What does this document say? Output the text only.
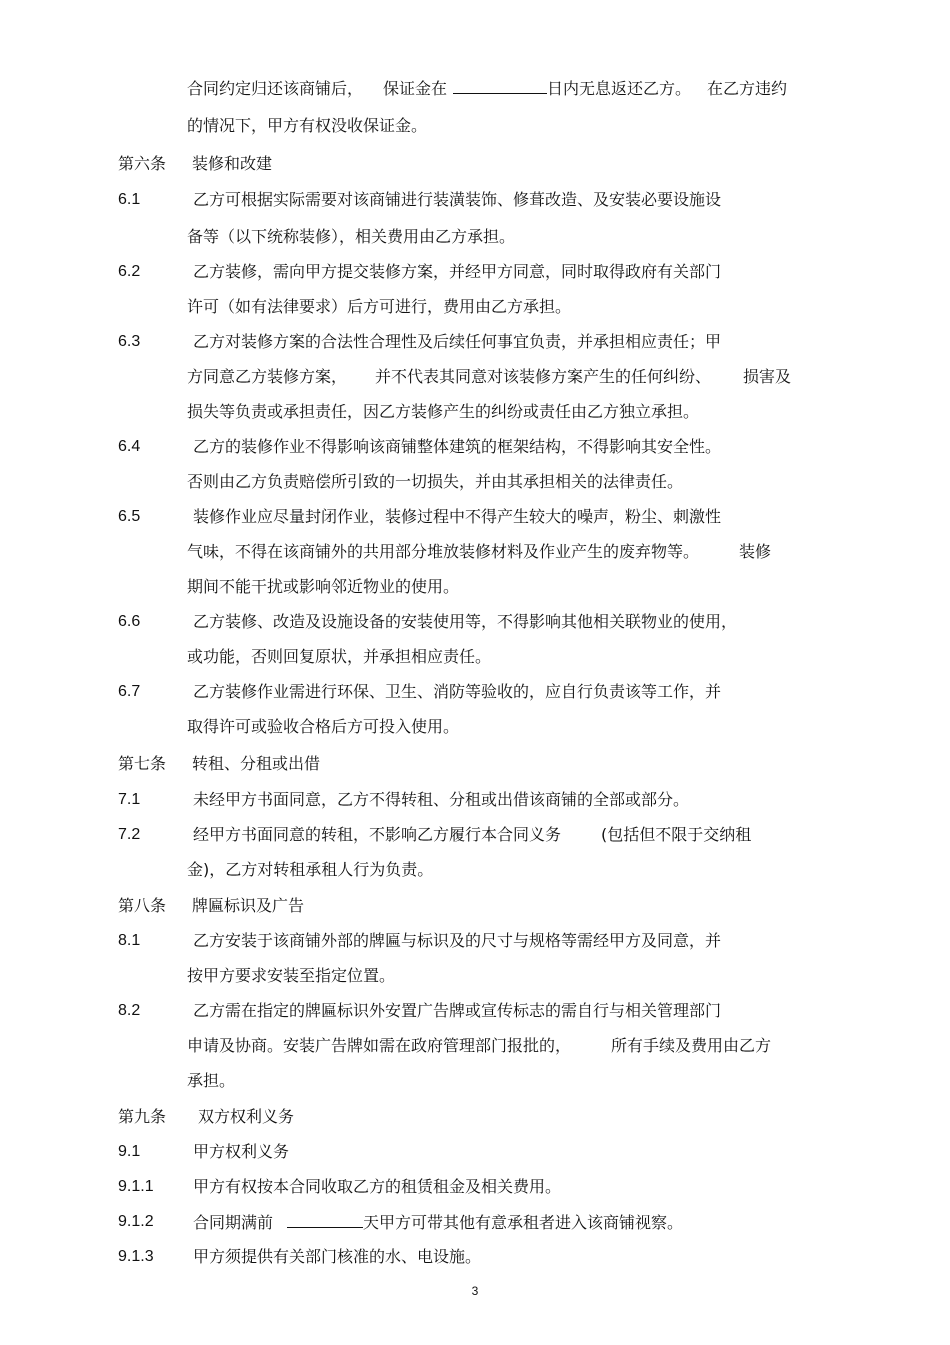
合同约定归还该商铺后， 保证金在	日内无息返还乙方。 在乙方违约
的情况下，甲方有权没收保证金。
第六条 装修和改建
6.1	乙方可根据实际需要对该商铺进行装潢装饰、修葺改造、及安装必要设施设
备等（以下统称装修），相关费用由乙方承担。
6.2	乙方装修，需向甲方提交装修方案，并经甲方同意，同时取得政府有关部门
许可（如有法律要求）后方可进行，费用由乙方承担。
6.3	乙方对装修方案的合法性合理性及后续任何事宜负责，并承担相应责任；甲
方同意乙方装修方案， 并不代表其同意对该装修方案产生的任何纠纷、 损害及
损失等负责或承担责任，因乙方装修产生的纠纷或责任由乙方独立承担。
6.4	乙方的装修作业不得影响该商铺整体建筑的框架结构，不得影响其安全性。
否则由乙方负责赔偿所引致的一切损失，并由其承担相关的法律责任。
6.5	装修作业应尽量封闭作业，装修过程中不得产生较大的噪声，粉尘、刺激性
气味，不得在该商铺外的共用部分堆放装修材料及作业产生的废弃物等。	装修
期间不能干扰或影响邻近物业的使用。
6.6	乙方装修、改造及设施设备的安装使用等，不得影响其他相关联物业的使用，
或功能，否则回复原状，并承担相应责任。
6.7	乙方装修作业需进行环保、卫生、消防等验收的，应自行负责该等工作，并
取得许可或验收合格后方可投入使用。
第七条 转租、分租或出借
7.1	未经甲方书面同意，乙方不得转租、分租或出借该商铺的全部或部分。
7.2	经甲方书面同意的转租，不影响乙方履行本合同义务	(包括但不限于交纳租
金)，乙方对转租承租人行为负责。
第八条 牌匾标识及广告
8.1	乙方安装于该商铺外部的牌匾与标识及的尺寸与规格等需经甲方及同意，并
按甲方要求安装至指定位置。
8.2	乙方需在指定的牌匾标识外安置广告牌或宣传标志的需自行与相关管理部门
申请及协商。安装广告牌如需在政府管理部门报批的，	所有手续及费用由乙方
承担。
第九条 双方权利义务
9.1	甲方权利义务
9.1.1 甲方有权按本合同收取乙方的租赁租金及相关费用。
9.1.2 合同期满前	天甲方可带其他有意承租者进入该商铺视察。
9.1.3 甲方须提供有关部门核准的水、电设施。
3
